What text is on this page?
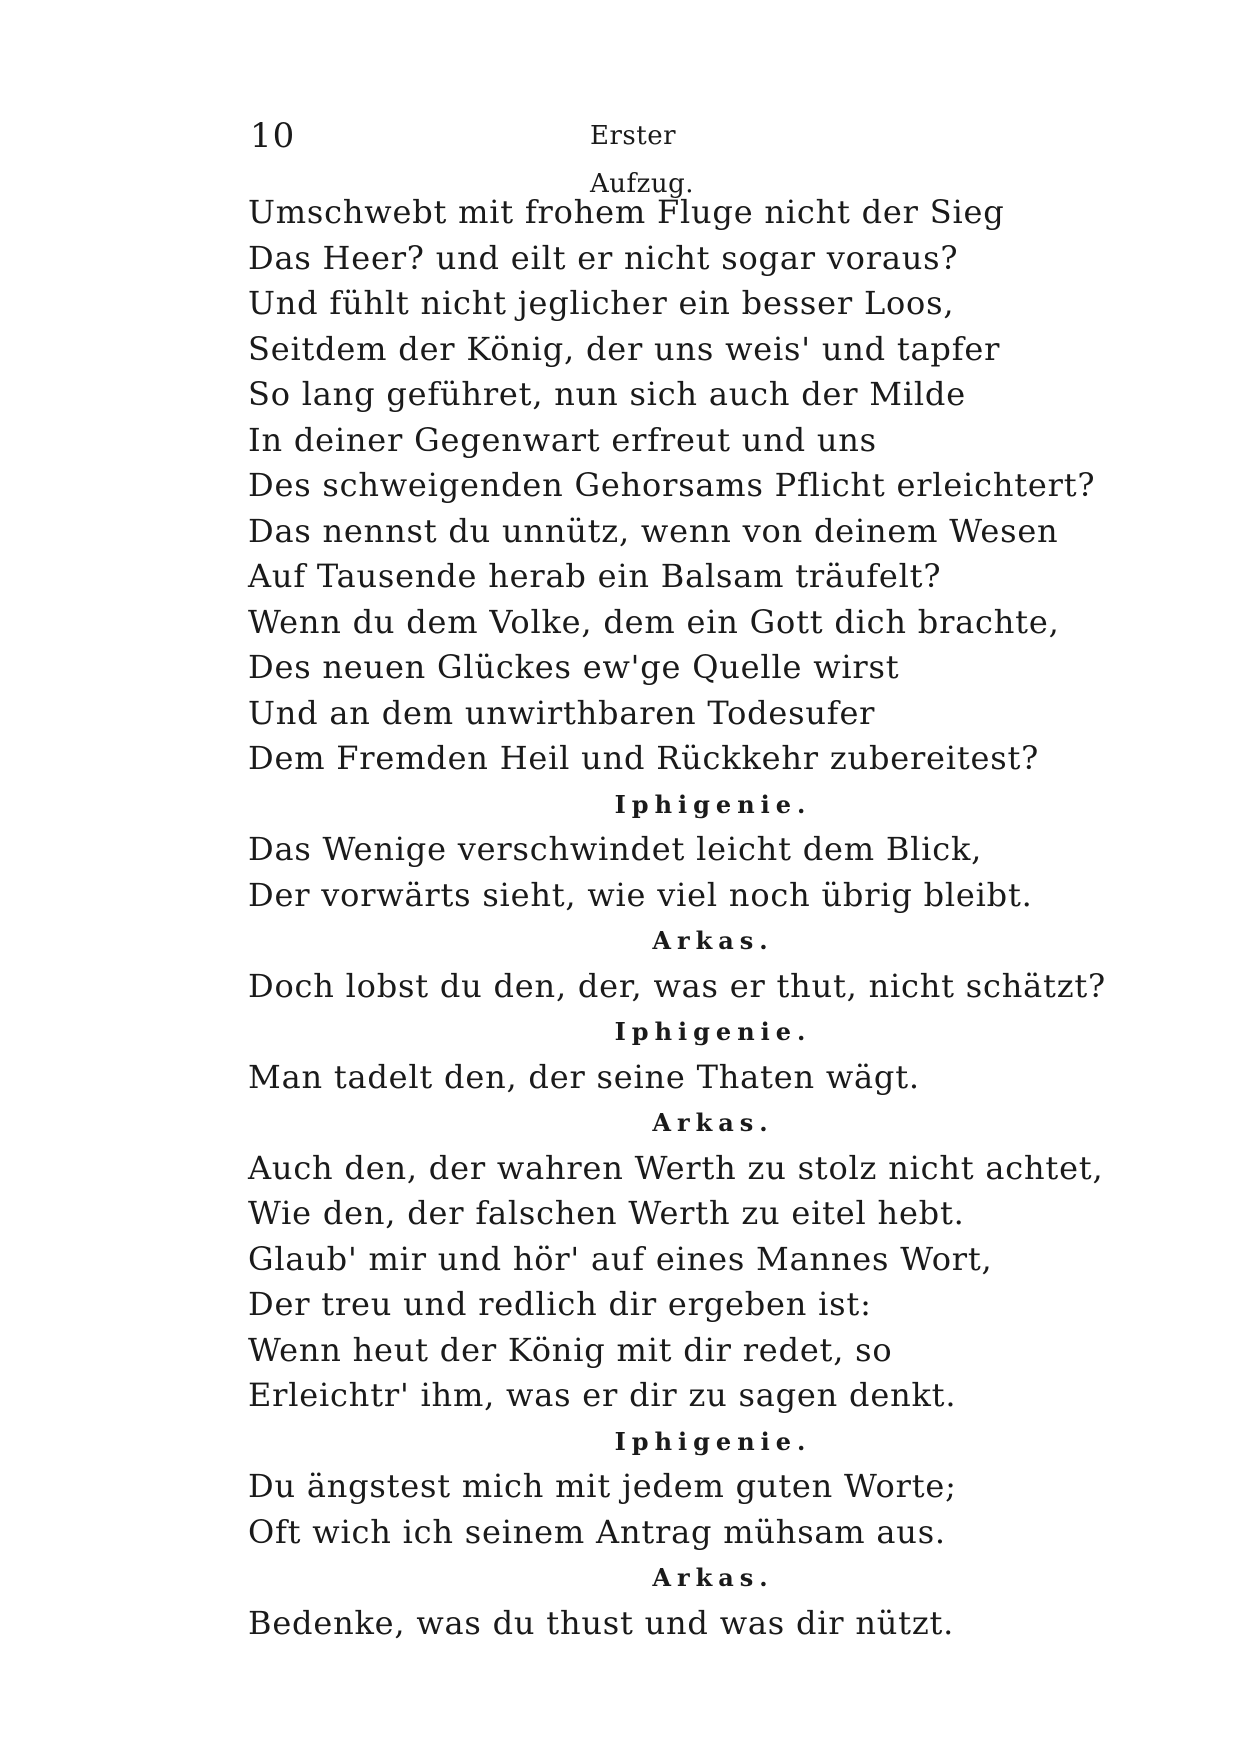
10	Erster Aufzug.
Umschwebt mit frohem Fluge nicht der Sieg
Das Heer? und eilt er nicht sogar voraus?
Und fühlt nicht jeglicher ein besser Loos,
Seitdem der König, der uns weis' und tapfer
So lang geführet, nun sich auch der Milde
In deiner Gegenwart erfreut und uns
Des schweigenden Gehorsams Pflicht erleichtert?
Das nennst du unnütz, wenn von deinem Wesen
Auf Tausende herab ein Balsam träufelt?
Wenn du dem Volke, dem ein Gott dich brachte,
Des neuen Glückes ew'ge Quelle wirst
Und an dem unwirthbaren Todesufer
Dem Fremden Heil und Rückkehr zubereitest?
Iphigenie.
Das Wenige verschwindet leicht dem Blick,
Der vorwärts sieht, wie viel noch übrig bleibt.
Arkas.
Doch lobst du den, der, was er thut, nicht schätzt?
Iphigenie.
Man tadelt den, der seine Thaten wägt.
Arkas.
Auch den, der wahren Werth zu stolz nicht achtet,
Wie den, der falschen Werth zu eitel hebt.
Glaub' mir und hör' auf eines Mannes Wort,
Der treu und redlich dir ergeben ist:
Wenn heut der König mit dir redet, so
Erleichtr' ihm, was er dir zu sagen denkt.
Iphigenie.
Du ängstest mich mit jedem guten Worte;
Oft wich ich seinem Antrag mühsam aus.
Arkas.
Bedenke, was du thust und was dir nützt.
